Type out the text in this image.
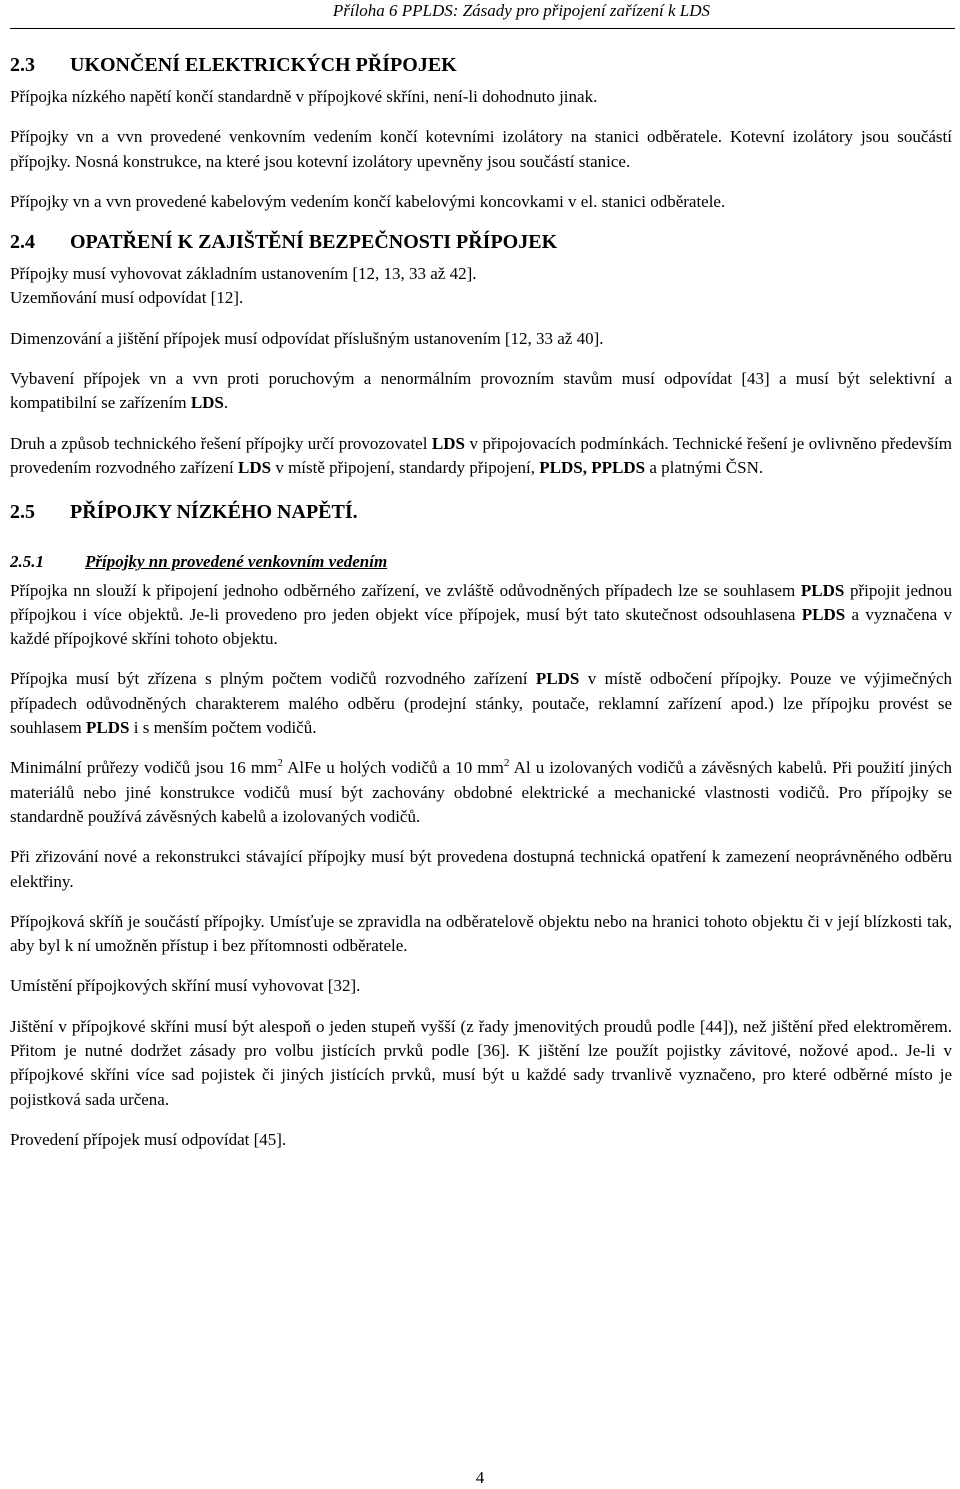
Příloha 6 PPLDS: Zásady pro připojení zařízení k LDS
2.3	UKONČENÍ ELEKTRICKÝCH PŘÍPOJEK

Přípojka nízkého napětí končí standardně v přípojkové skříni, není-li dohodnuto jinak.

Přípojky vn a vvn provedené venkovním vedením končí kotevními izolátory na stanici odběratele. Kotevní izolátory jsou součástí přípojky. Nosná konstrukce, na které jsou kotevní izolátory upevněny jsou součástí stanice.

Přípojky vn a vvn provedené kabelovým vedením končí kabelovými koncovkami v el. stanici odběratele.

2.4	OPATŘENÍ K ZAJIŠTĚNÍ BEZPEČNOSTI PŘÍPOJEK

Přípojky musí vyhovovat základním ustanovením [12, 13, 33 až 42].

Uzemňování musí odpovídat [12].

Dimenzování a jištění přípojek musí odpovídat příslušným ustanovením [12, 33 až 40].

Vybavení přípojek vn a vvn proti poruchovým a nenormálním provozním stavům musí odpovídat [43] a musí být selektivní a kompatibilní se zařízením LDS.

Druh a způsob technického řešení přípojky určí provozovatel LDS v připojovacích podmínkách. Technické řešení je ovlivněno především provedením rozvodného zařízení LDS v místě připojení, standardy připojení, PLDS, PPLDS a platnými ČSN.

2.5	PŘÍPOJKY NÍZKÉHO NAPĚTÍ.
2.5.1	Přípojky nn provedené venkovním vedením

Přípojka nn slouží k připojení jednoho odběrného zařízení, ve zvláště odůvodněných případech lze se souhlasem PLDS připojit jednou přípojkou i více objektů. Je-li provedeno pro jeden objekt více přípojek, musí být tato skutečnost odsouhlasena PLDS a vyznačena v každé přípojkové skříni tohoto objektu.

Přípojka musí být zřízena s plným počtem vodičů rozvodného zařízení PLDS v místě odbočení přípojky. Pouze ve výjimečných případech odůvodněných charakterem malého odběru (prodejní stánky, poutače, reklamní zařízení apod.) lze přípojku provést se souhlasem PLDS i s menším počtem vodičů.

Minimální průřezy vodičů jsou 16 $mm^2$ AlFe u holých vodičů a 10 $mm^2$ Al u izolovaných vodičů a závěsných kabelů. Při použití jiných materiálů nebo jiné konstrukce vodičů musí být zachovány obdobné elektrické a mechanické vlastnosti vodičů. Pro přípojky se standardně používá závěsných kabelů a izolovaných vodičů.

Při zřizování nové a rekonstrukci stávající přípojky musí být provedena dostupná technická opatření k zamezení neoprávněného odběru elektřiny.

Přípojková skříň je součástí přípojky. Umísťuje se zpravidla na odběratelově objektu nebo na hranici tohoto objektu či v její blízkosti tak, aby byl k ní umožněn přístup i bez přítomnosti odběratele.

Umístění přípojkových skříní musí vyhovovat [32].

Jištění v přípojkové skříni musí být alespoň o jeden stupeň vyšší (z řady jmenovitých proudů podle [44]), než jištění před elektroměrem. Přitom je nutné dodržet zásady pro volbu jistících prvků podle [36]. K jištění lze použít pojistky závitové, nožové apod.. Je-li v přípojkové skříni více sad pojistek či jiných jistících prvků, musí být u každé sady trvanlivě vyznačeno, pro které odběrné místo je pojistková sada určena.

Provedení přípojek musí odpovídat [45].

4
